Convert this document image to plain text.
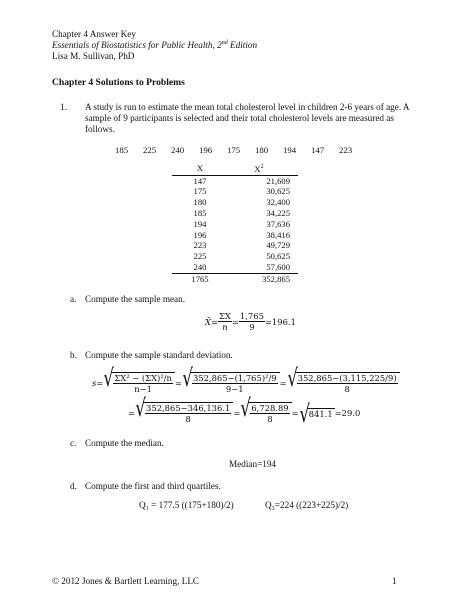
Chapter 4 Answer Key
Essentials of Biostatistics for Public Health, 2nd Edition
Lisa M. Sullivan, PhD
Chapter 4 Solutions to Problems
1. A study is run to estimate the mean total cholesterol level in children 2-6 years of age. A
sample of 9 participants is selected and their total cholesterol levels are measured as
follows.
185 225 240 196 175 180 194 147 223
X	$X^2$
147	21,609
175	30,625
180	32,400
185	34,225
194	37,636
196	38,416
223	49,729
225	50,625
240	57,600
1765	352,865
a. Compute the sample mean.
X̄ = $\frac{\Sigma X}{n} = \frac{1,765}{9} =196.1$
b. Compute the sample standard deviation.
s= √
$\frac{\text{ΣX² − (ΣX)²/n}}{n-1}$ = √
$\frac{\text{352,865−(1,765)²/9}}{9-1}$ = √
$\frac{352,865-(3,115,225/9)}{8}$
= √
$\frac{352,865-346,136.1}{8}$ = √
$\frac{6,728.89}{8}$ = √
841.1 =29.0
c. Compute the median.
Median=194
d. Compute the first and third quartiles.
Q₁ = 177.5 ((175+180)/2)	Q₃=224 ((223+225)/2)
© 2012 Jones & Bartlett Learning, LLC	1
